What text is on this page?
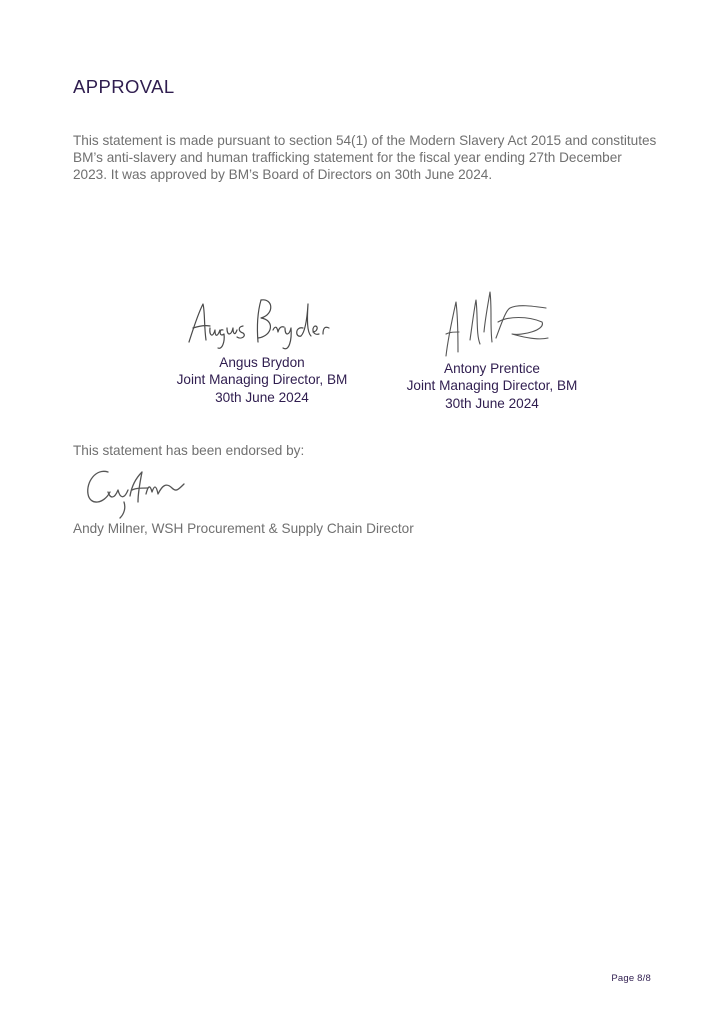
APPROVAL

This statement is made pursuant to section 54(1) of the Modern Slavery Act 2015 and constitutes BM’s anti-slavery and human trafficking statement for the fiscal year ending 27th December 2023. It was approved by BM’s Board of Directors on 30th June 2024.

Angus Brydon
Joint Managing Director, BM
30th June 2024
Antony Prentice
Joint Managing Director, BM
30th June 2024

This statement has been endorsed by:

Andy Milner, WSH Procurement & Supply Chain Director

Page 8/8
